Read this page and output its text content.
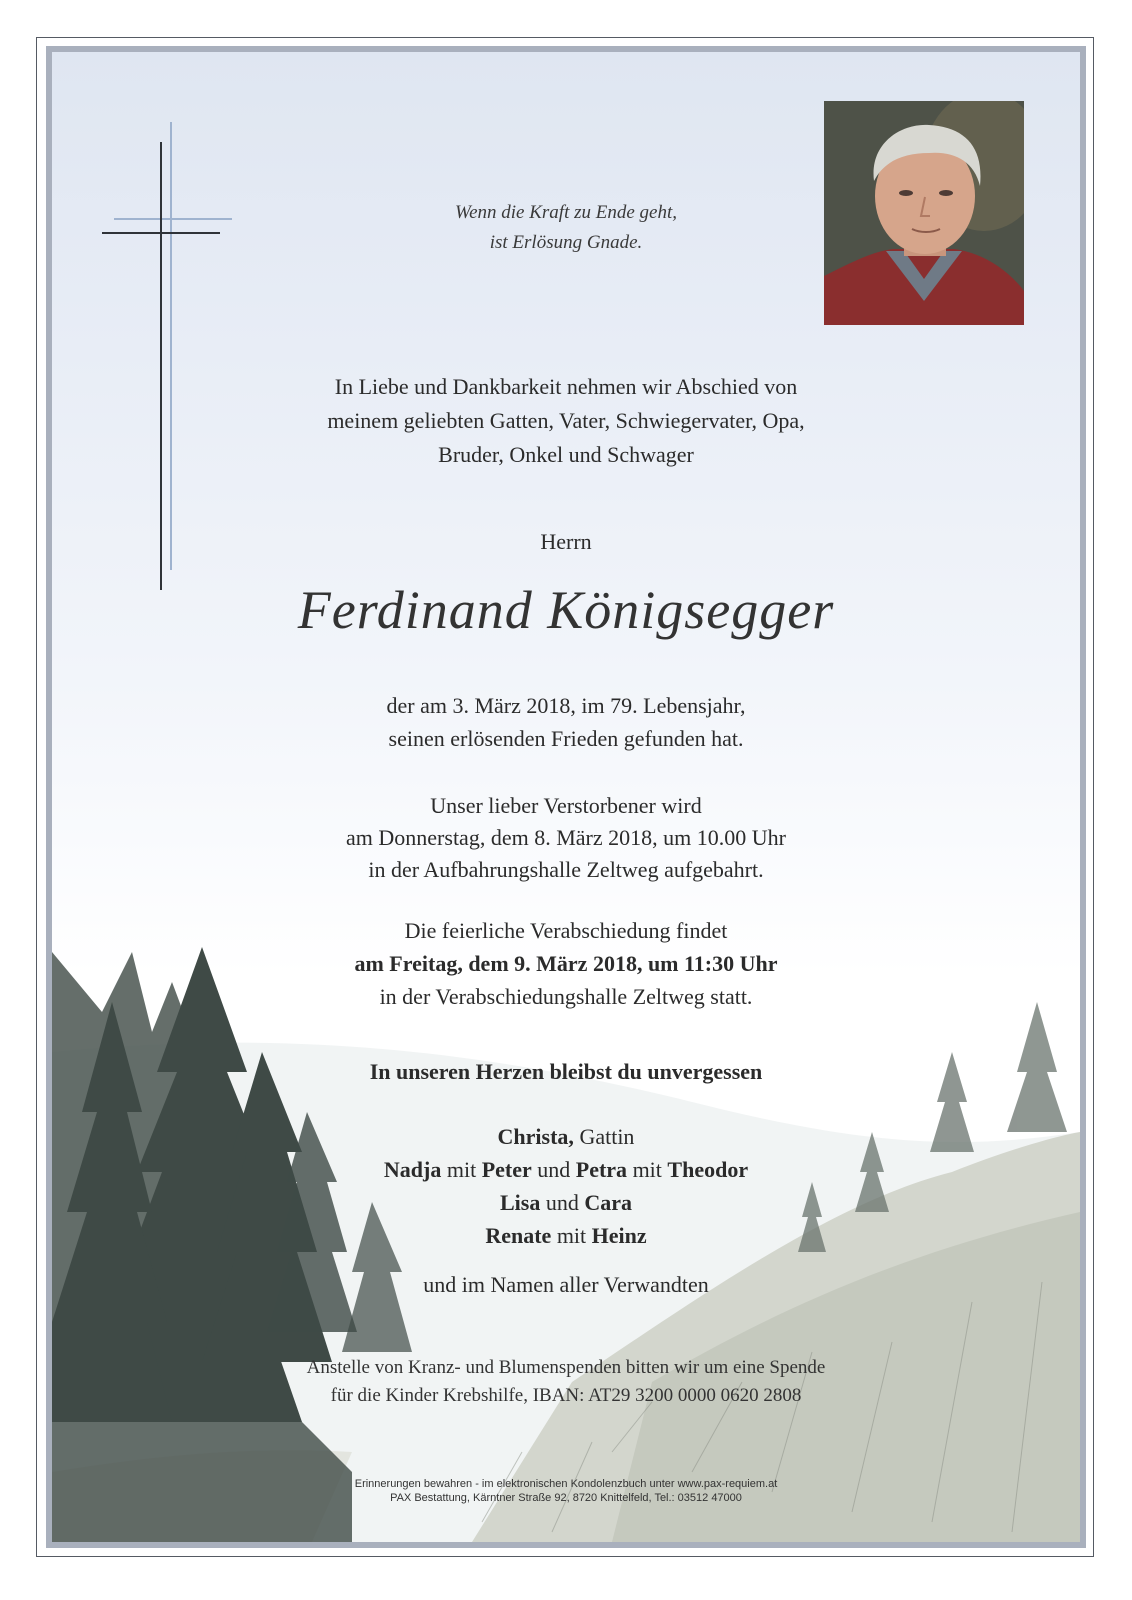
Wenn die Kraft zu Ende geht,
ist Erlösung Gnade.
In Liebe und Dankbarkeit nehmen wir Abschied von
meinem geliebten Gatten, Vater, Schwiegervater, Opa,
Bruder, Onkel und Schwager
Herrn
Ferdinand Königsegger
der am 3. März 2018, im 79. Lebensjahr,
seinen erlösenden Frieden gefunden hat.
Unser lieber Verstorbener wird
am Donnerstag, dem 8. März 2018, um 10.00 Uhr
in der Aufbahrungshalle Zeltweg aufgebahrt.
Die feierliche Verabschiedung findet
am Freitag, dem 9. März 2018, um 11:30 Uhr
in der Verabschiedungshalle Zeltweg statt.
In unseren Herzen bleibst du unvergessen
Christa, Gattin
Nadja mit Peter und Petra mit Theodor
Lisa und Cara
Renate mit Heinz
und im Namen aller Verwandten
Anstelle von Kranz- und Blumenspenden bitten wir um eine Spende
für die Kinder Krebshilfe, IBAN: AT29 3200 0000 0620 2808
Erinnerungen bewahren - im elektronischen Kondolenzbuch unter www.pax-requiem.at
PAX Bestattung, Kärntner Straße 92, 8720 Knittelfeld, Tel.: 03512 47000
